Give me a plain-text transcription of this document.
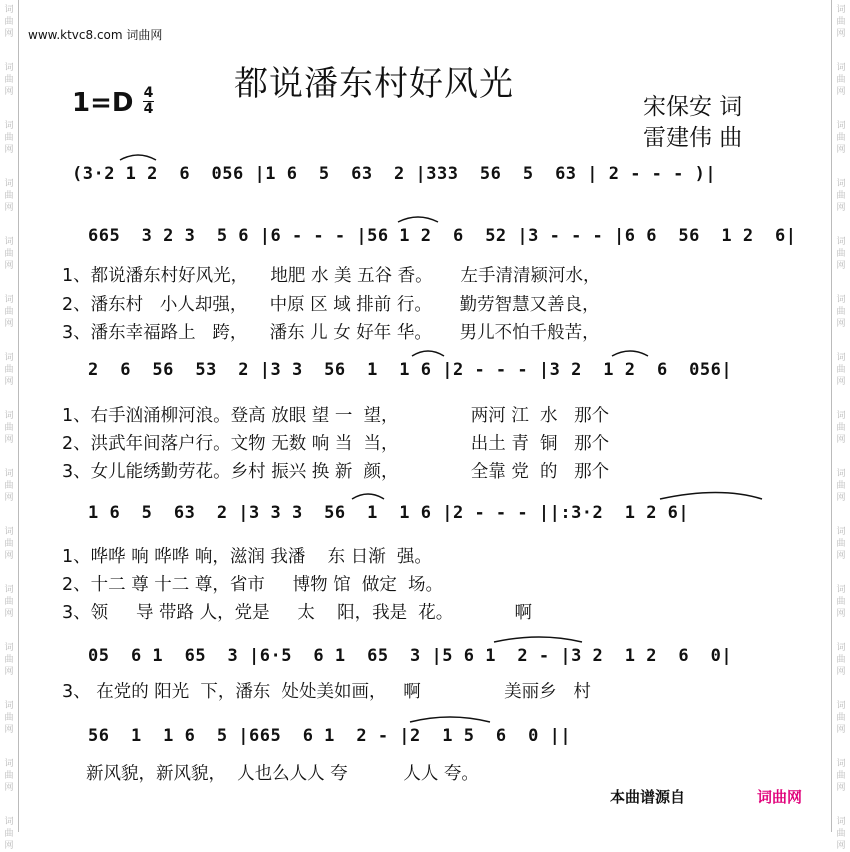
词
曲
网
词
曲
网
词
曲
网
词
曲
网
词
曲
网
词
曲
网
词
曲
网
词
曲
网
词
曲
网
词
曲
网
词
曲
网
词
曲
网
词
曲
网
词
曲
网
词
曲
网
词
曲
网
词
曲
网
词
曲
网
词
曲
网
词
曲
网
词
曲
网
词
曲
网
词
曲
网
词
曲
网
词
曲
网
词
曲
网
词
曲
网
词
曲
网
词
曲
网
词
曲
网
www.ktvc8.com 词曲网
都说潘东村好风光
1=D 4
4	宋保安 词
雷建伟 曲
(3·2 1 2  6  056 |1 6  5  63  2 |333  56  5  63 | 2 - - - )|
665  3 2 3  5 6 |6 - - - |56 1 2  6  52 |3 - - - |6 6  56  1 2  6|
1、都说潘东村好风光，    地肥 水 美 五谷 香。     左手清清颍河水，
2、潘东村   小人却强，    中原 区 域 排前 行。     勤劳智慧又善良，
3、潘东幸福路上   跨，    潘东 儿 女 好年 华。     男儿不怕千般苦，
2  6  56  53  2 |3 3  56  1  1 6 |2 - - - |3 2  1 2  6  056|
1、右手汹涌柳河浪。登高 放眼 望 一  望，             两河 江  水   那个
2、洪武年间落户行。文物 无数 响 当  当，             出土 青  铜   那个
3、女儿能绣勤劳花。乡村 振兴 换 新  颜，             全靠 党  的   那个
1 6  5  63  2 |3 3 3  56  1  1 6 |2 - - - ||:3·2  1 2 6|
1、哗哗 响 哗哗 响，滋润 我潘    东 日渐  强。
2、十二 尊 十二 尊，省市     博物 馆  做定  场。
3、领     导 带路 人，党是     太    阳，我是  花。           啊
05  6 1  65  3 |6·5  6 1  65  3 |5 6 1  2 - |3 2  1 2  6  0|
3、 在党的 阳光  下，潘东  处处美如画，   啊               美丽乡   村
56  1  1 6  5 |665  6 1  2 - |2  1 5  6  0 ||
新风貌，新风貌，  人也么人人 夸          人人 夸。
本曲谱源自	词曲网
